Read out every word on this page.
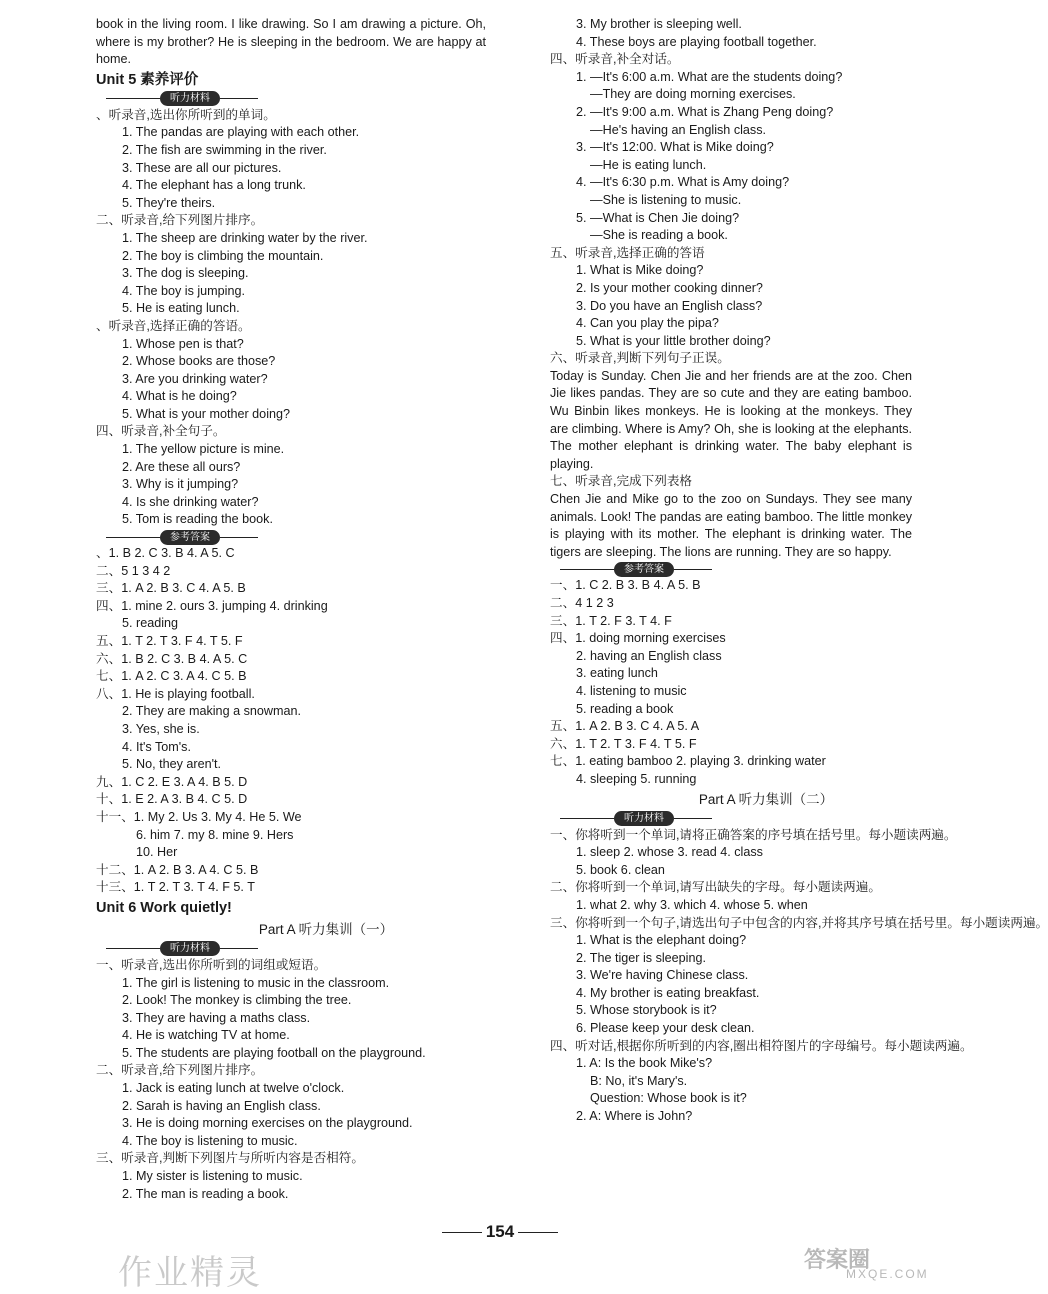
book in the living room. I like drawing. So I am drawing a picture. Oh, where is my brother? He is sleeping in the bedroom. We are happy at home.
Unit 5 素养评价
听力材料
、听录音,选出你所听到的单词。
1. The pandas are playing with each other.
2. The fish are swimming in the river.
3. These are all our pictures.
4. The elephant has a long trunk.
5. They're theirs.
二、听录音,给下列图片排序。
1. The sheep are drinking water by the river.
2. The boy is climbing the mountain.
3. The dog is sleeping.
4. The boy is jumping.
5. He is eating lunch.
、听录音,选择正确的答语。
1. Whose pen is that?
2. Whose books are those?
3. Are you drinking water?
4. What is he doing?
5. What is your mother doing?
四、听录音,补全句子。
1. The yellow picture is mine.
2. Are these all ours?
3. Why is it jumping?
4. Is she drinking water?
5. Tom is reading the book.
参考答案
、1. B 2. C 3. B 4. A 5. C
二、5 1 3 4 2
三、1. A 2. B 3. C 4. A 5. B
四、1. mine 2. ours 3. jumping 4. drinking
5. reading
五、1. T 2. T 3. F 4. T 5. F
六、1. B 2. C 3. B 4. A 5. C
七、1. A 2. C 3. A 4. C 5. B
八、1. He is playing football.
2. They are making a snowman.
3. Yes, she is.
4. It's Tom's.
5. No, they aren't.
九、1. C 2. E 3. A 4. B 5. D
十、1. E 2. A 3. B 4. C 5. D
十一、1. My 2. Us 3. My 4. He 5. We
6. him 7. my 8. mine 9. Hers
10. Her
十二、1. A 2. B 3. A 4. C 5. B
十三、1. T 2. T 3. T 4. F 5. T
Unit 6 Work quietly!
Part A 听力集训（一）
听力材料
一、听录音,选出你所听到的词组或短语。
1. The girl is listening to music in the classroom.
2. Look! The monkey is climbing the tree.
3. They are having a maths class.
4. He is watching TV at home.
5. The students are playing football on the playground.
二、听录音,给下列图片排序。
1. Jack is eating lunch at twelve o'clock.
2. Sarah is having an English class.
3. He is doing morning exercises on the playground.
4. The boy is listening to music.
三、听录音,判断下列图片与所听内容是否相符。
1. My sister is listening to music.
2. The man is reading a book.
3. My brother is sleeping well.
4. These boys are playing football together.
四、听录音,补全对话。
1. —It's 6:00 a.m. What are the students doing?
—They are doing morning exercises.
2. —It's 9:00 a.m. What is Zhang Peng doing?
—He's having an English class.
3. —It's 12:00. What is Mike doing?
—He is eating lunch.
4. —It's 6:30 p.m. What is Amy doing?
—She is listening to music.
5. —What is Chen Jie doing?
—She is reading a book.
五、听录音,选择正确的答语
1. What is Mike doing?
2. Is your mother cooking dinner?
3. Do you have an English class?
4. Can you play the pipa?
5. What is your little brother doing?
六、听录音,判断下列句子正误。
Today is Sunday. Chen Jie and her friends are at the zoo. Chen Jie likes pandas. They are so cute and they are eating bamboo. Wu Binbin likes monkeys. He is looking at the monkeys. They are climbing. Where is Amy? Oh, she is looking at the elephants. The mother elephant is drinking water. The baby elephant is playing.
七、听录音,完成下列表格
Chen Jie and Mike go to the zoo on Sundays. They see many animals. Look! The pandas are eating bamboo. The little monkey is playing with its mother. The elephant is drinking water. The tigers are sleeping. The lions are running. They are so happy.
参考答案
一、1. C 2. B 3. B 4. A 5. B
二、4 1 2 3
三、1. T 2. F 3. T 4. F
四、1. doing morning exercises
2. having an English class
3. eating lunch
4. listening to music
5. reading a book
五、1. A 2. B 3. C 4. A 5. A
六、1. T 2. T 3. F 4. T 5. F
七、1. eating bamboo 2. playing 3. drinking water
4. sleeping 5. running
Part A 听力集训（二）
听力材料
一、你将听到一个单词,请将正确答案的序号填在括号里。每小题读两遍。
1. sleep 2. whose 3. read 4. class
5. book 6. clean
二、你将听到一个单词,请写出缺失的字母。每小题读两遍。
1. what 2. why 3. which 4. whose 5. when
三、你将听到一个句子,请选出句子中包含的内容,并将其序号填在括号里。每小题读两遍。
1. What is the elephant doing?
2. The tiger is sleeping.
3. We're having Chinese class.
4. My brother is eating breakfast.
5. Whose storybook is it?
6. Please keep your desk clean.
四、听对话,根据你所听到的内容,圈出相符图片的字母编号。每小题读两遍。
1. A: Is the book Mike's?
B: No, it's Mary's.
Question: Whose book is it?
2. A: Where is John?
154
作业精灵	答案圈
MXQE.COM
